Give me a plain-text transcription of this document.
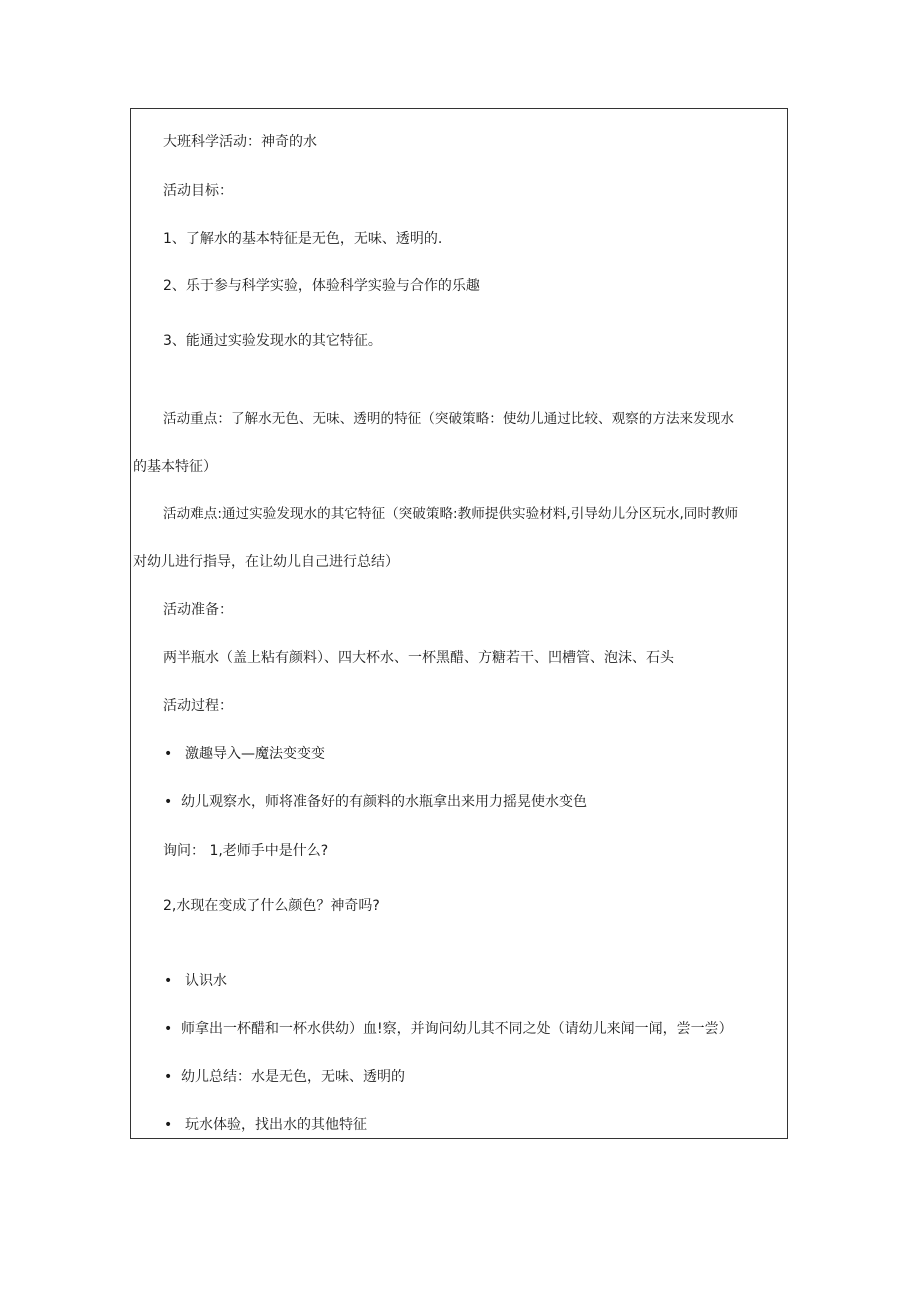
大班科学活动：神奇的水
活动目标：
1、了解水的基本特征是无色，无味、透明的.
2、乐于参与科学实验，体验科学实验与合作的乐趣
3、能通过实验发现水的其它特征。
活动重点：了解水无色、无味、透明的特征（突破策略：使幼儿通过比较、观察的方法来发现水
的基本特征）
活动难点:通过实验发现水的其它特征（突破策略:教师提供实验材料,引导幼儿分区玩水,同时教师
对幼儿进行指导，在让幼儿自己进行总结）
活动准备：
两半瓶水（盖上粘有颜料）、四大杯水、一杯黑醋、方糖若干、凹槽管、泡沫、石头
活动过程：
• 激趣导入—魔法变变变
• 幼儿观察水，师将准备好的有颜料的水瓶拿出来用力摇晃使水变色
询问： 1,老师手中是什么?
2,水现在变成了什么颜色？神奇吗?
• 认识水
• 师拿出一杯醋和一杯水供幼）血!察，并询问幼儿其不同之处（请幼儿来闻一闻，尝一尝）
• 幼儿总结：水是无色，无味、透明的
• 玩水体验，找出水的其他特征
